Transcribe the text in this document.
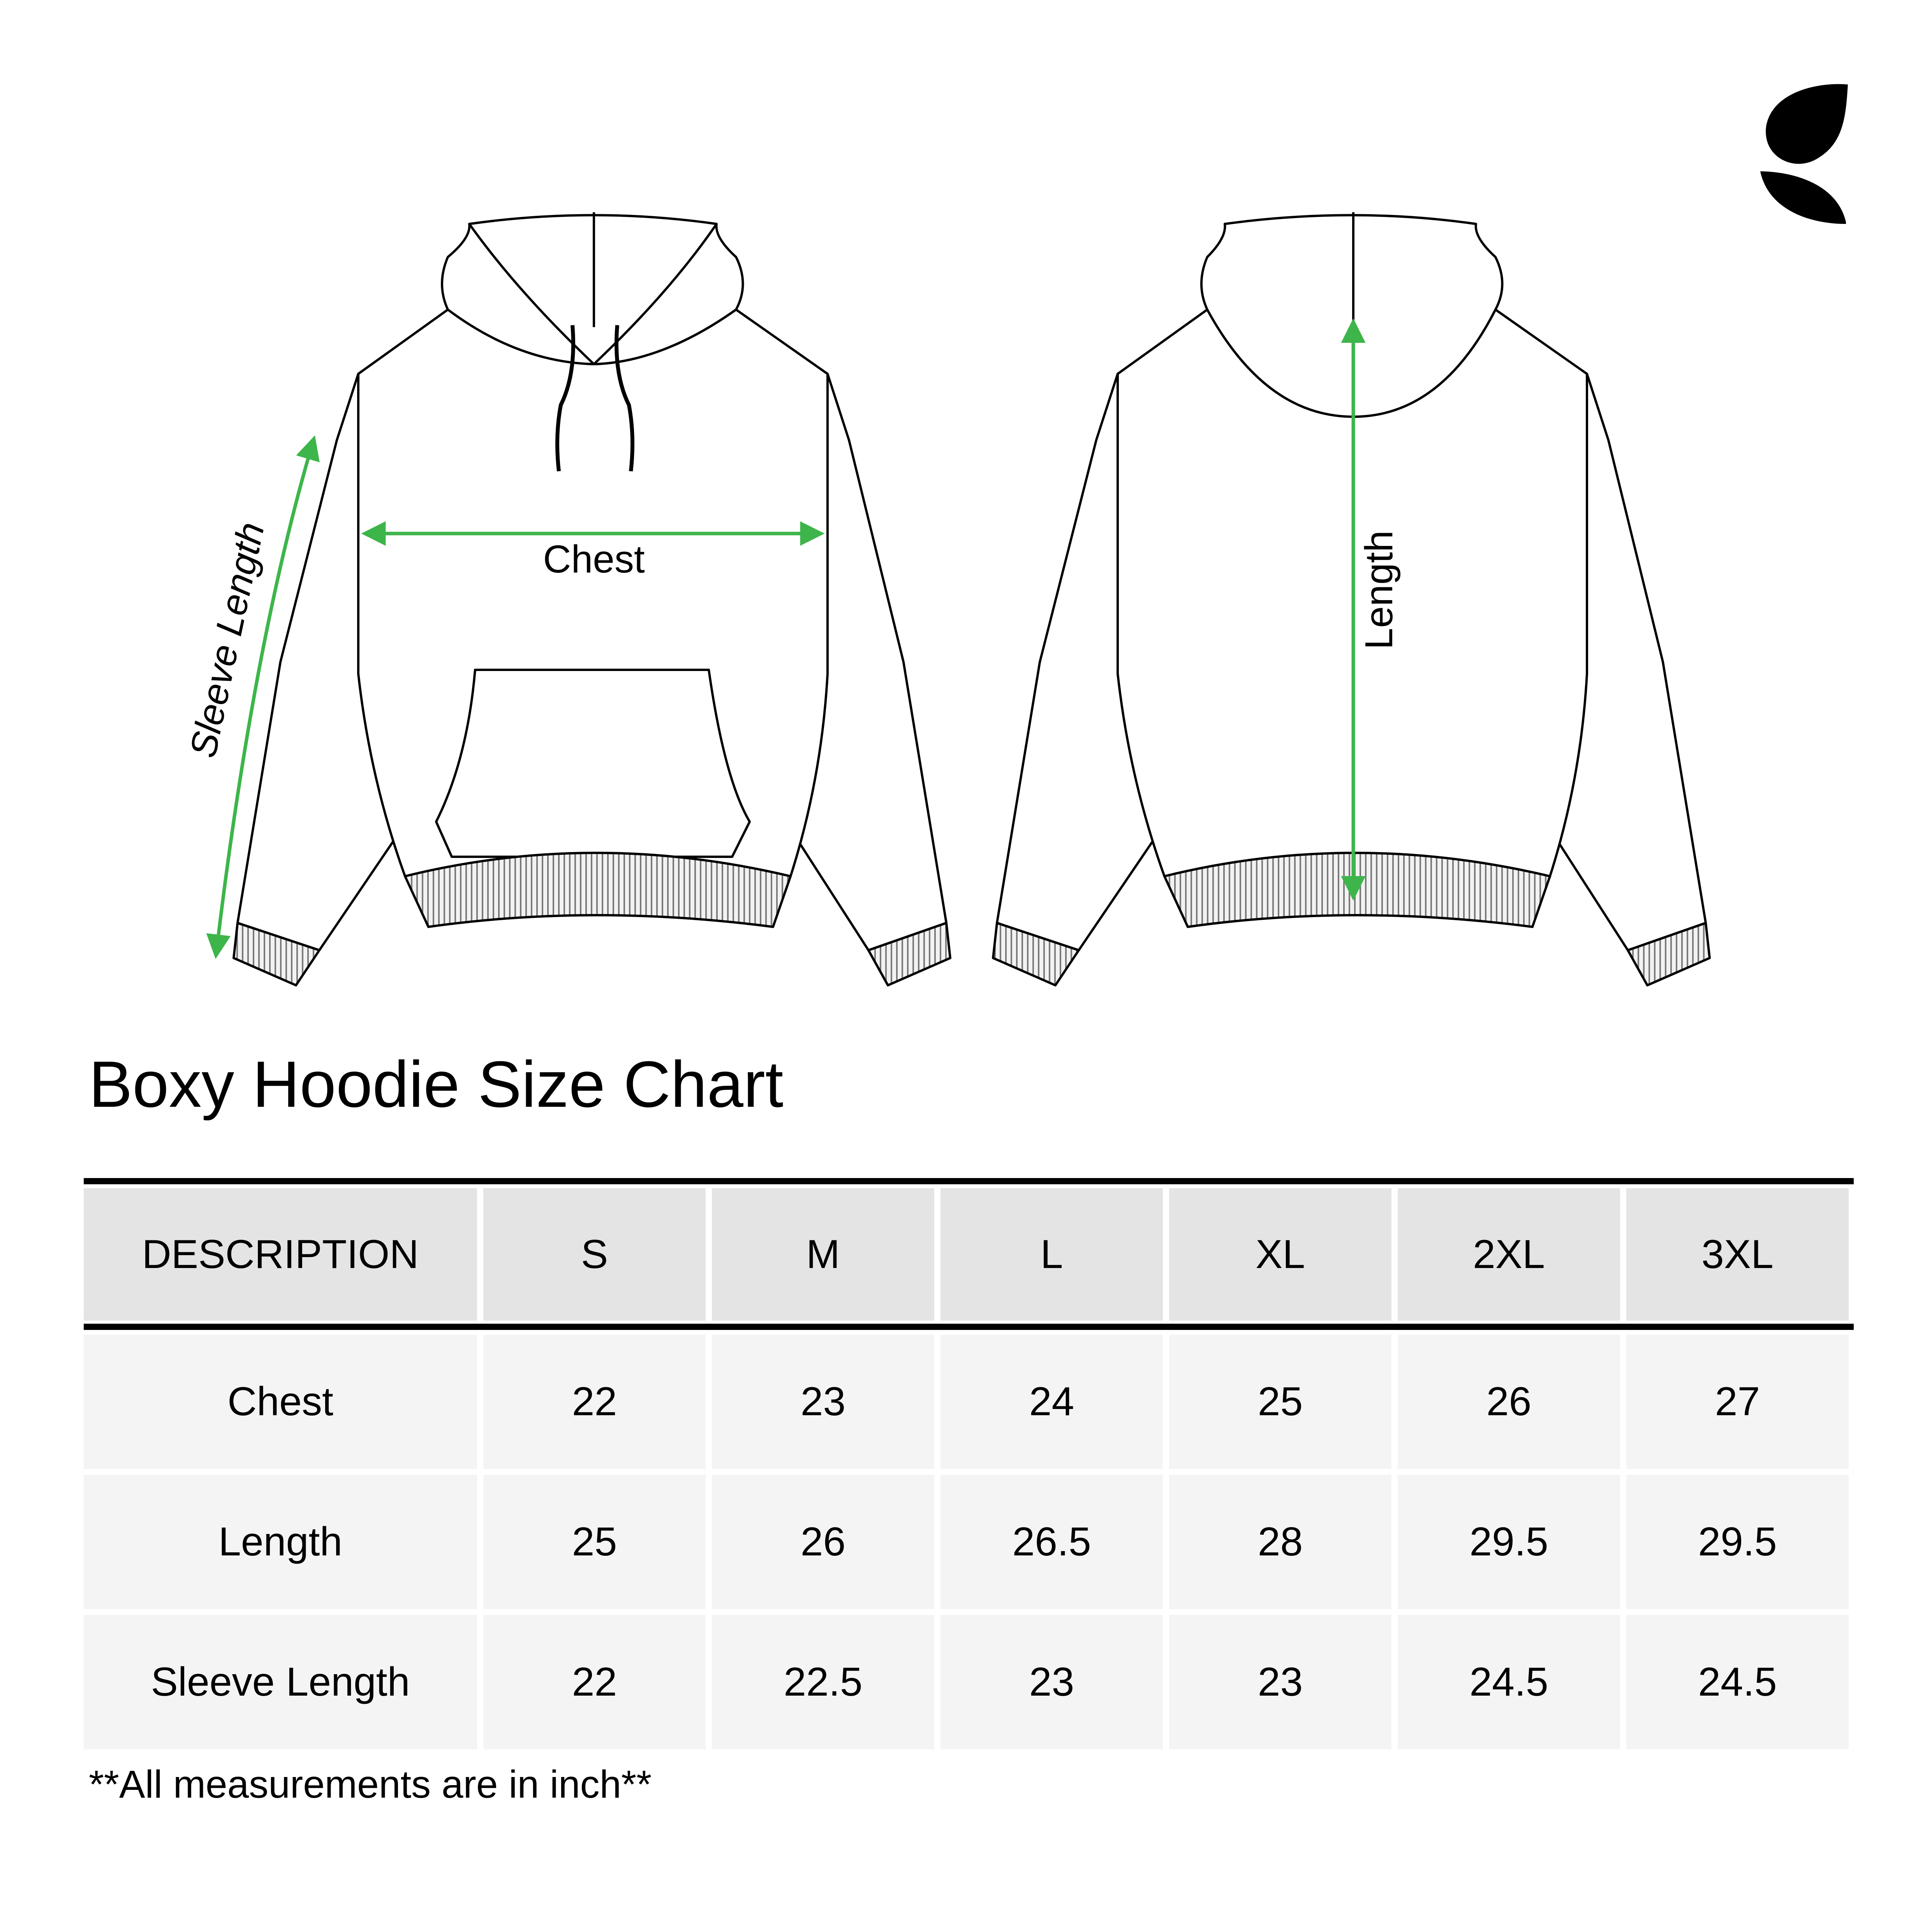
Chest	Length
Sleeve Length
Boxy Hoodie Size Chart
DESCRIPTION	S	M	L	XL	2XL	3XL
Chest	22	23	24	25	26	27
Length	25	26	26.5	28	29.5	29.5
Sleeve Length	22	22.5	23	23	24.5	24.5

**All measurements are in inch**
